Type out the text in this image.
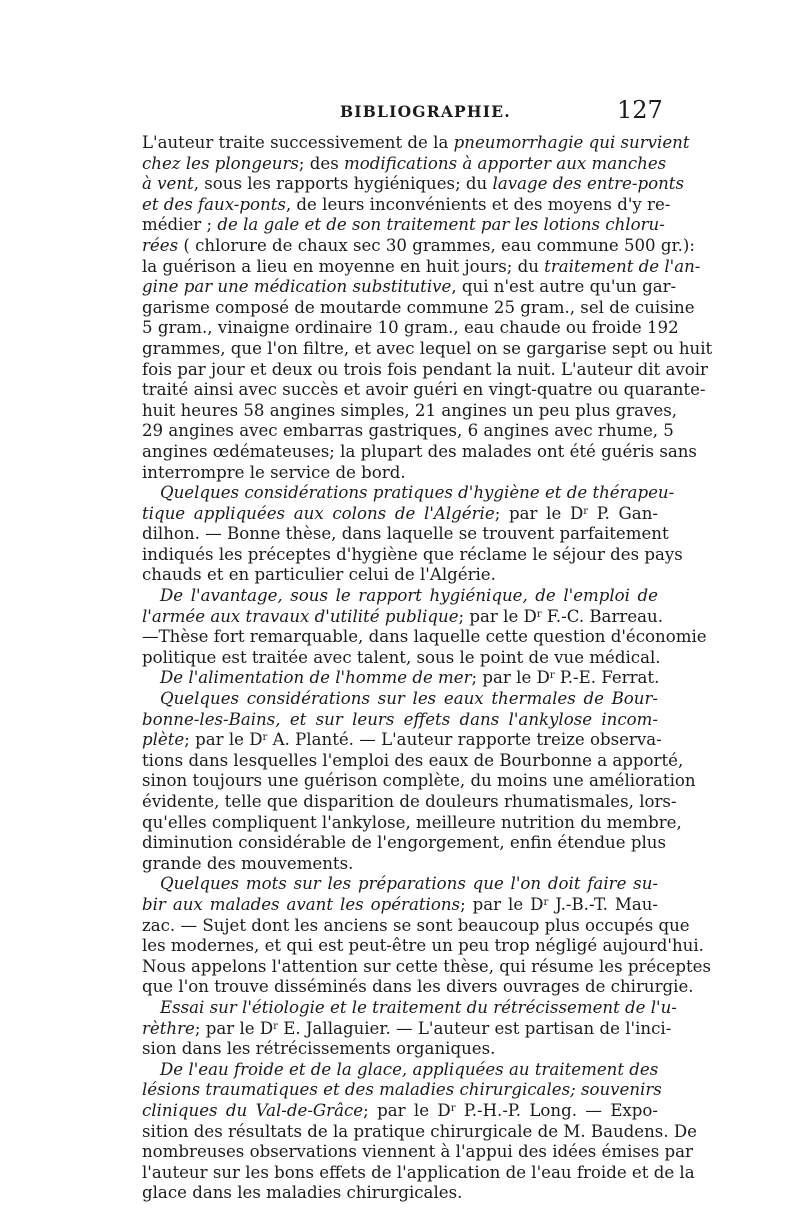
BIBLIOGRAPHIE.	127
L'auteur traite successivement de la pneumorrhagie qui survient
chez les plongeurs; des modifications à apporter aux manches
à vent, sous les rapports hygiéniques; du lavage des entre-ponts
et des faux-ponts, de leurs inconvénients et des moyens d'y re-
médier ; de la gale et de son traitement par les lotions chloru-
rées ( chlorure de chaux sec 30 grammes, eau commune 500 gr.):
la guérison a lieu en moyenne en huit jours; du traitement de l'an-
gine par une médication substitutive, qui n'est autre qu'un gar-
garisme composé de moutarde commune 25 gram., sel de cuisine
5 gram., vinaigne ordinaire 10 gram., eau chaude ou froide 192
grammes, que l'on filtre, et avec lequel on se gargarise sept ou huit
fois par jour et deux ou trois fois pendant la nuit. L'auteur dit avoir
traité ainsi avec succès et avoir guéri en vingt-quatre ou quarante-
huit heures 58 angines simples, 21 angines un peu plus graves,
29 angines avec embarras gastriques, 6 angines avec rhume, 5
angines œdémateuses; la plupart des malades ont été guéris sans
interrompre le service de bord.
Quelques considérations pratiques d'hygiène et de thérapeu-
tique appliquées aux colons de l'Algérie; par le $D^r$ P. Gan-
dilhon. — Bonne thèse, dans laquelle se trouvent parfaitement
indiqués les préceptes d'hygiène que réclame le séjour des pays
chauds et en particulier celui de l'Algérie.
De l'avantage, sous le rapport hygiénique, de l'emploi de
l'armée aux travaux d'utilité publique; par le $D^r$ F.-C. Barreau.
—Thèse fort remarquable, dans laquelle cette question d'économie
politique est traitée avec talent, sous le point de vue médical.
De l'alimentation de l'homme de mer; par le $D^r$ P.-E. Ferrat.
Quelques considérations sur les eaux thermales de Bour-
bonne-les-Bains, et sur leurs effets dans l'ankylose incom-
plète; par le $D^r$ A. Planté. — L'auteur rapporte treize observa-
tions dans lesquelles l'emploi des eaux de Bourbonne a apporté,
sinon toujours une guérison complète, du moins une amélioration
évidente, telle que disparition de douleurs rhumatismales, lors-
qu'elles compliquent l'ankylose, meilleure nutrition du membre,
diminution considérable de l'engorgement, enfin étendue plus
grande des mouvements.
Quelques mots sur les préparations que l'on doit faire su-
bir aux malades avant les opérations; par le $D^r$ J.-B.-T. Mau-
zac. — Sujet dont les anciens se sont beaucoup plus occupés que
les modernes, et qui est peut-être un peu trop négligé aujourd'hui.
Nous appelons l'attention sur cette thèse, qui résume les préceptes
que l'on trouve disséminés dans les divers ouvrages de chirurgie.
Essai sur l'étiologie et le traitement du rétrécissement de l'u-
rèthre; par le $D^r$ E. Jallaguier. — L'auteur est partisan de l'inci-
sion dans les rétrécissements organiques.
De l'eau froide et de la glace, appliquées au traitement des
lésions traumatiques et des maladies chirurgicales; souvenirs
cliniques du Val-de-Grâce; par le $D^r$ P.-H.-P. Long. — Expo-
sition des résultats de la pratique chirurgicale de M. Baudens. De
nombreuses observations viennent à l'appui des idées émises par
l'auteur sur les bons effets de l'application de l'eau froide et de la
glace dans les maladies chirurgicales.
